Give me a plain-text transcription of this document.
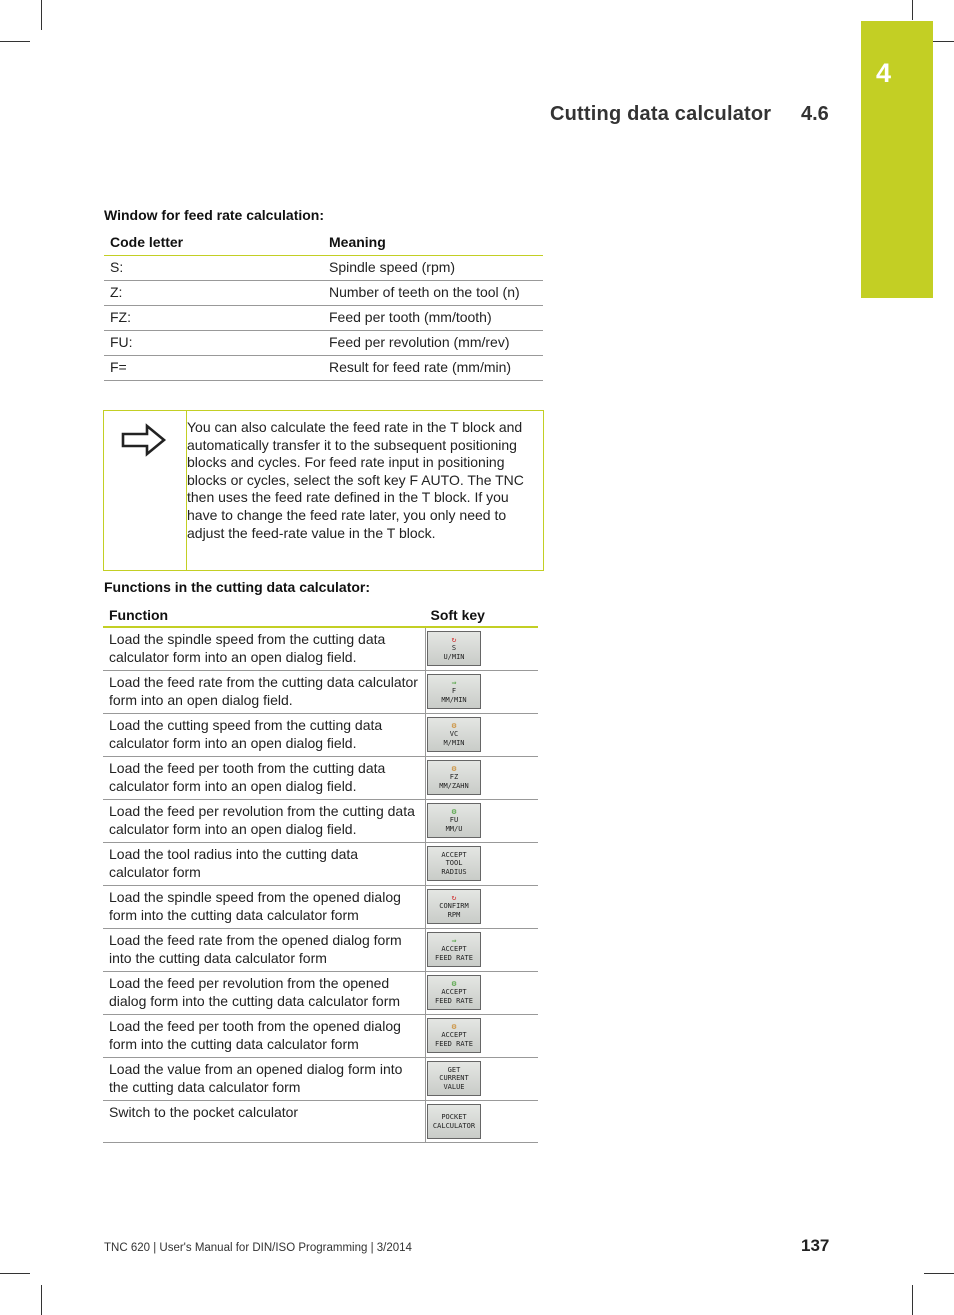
4
Cutting data calculator 4.6
Window for feed rate calculation:
Code letter	Meaning
S:	Spindle speed (rpm)
Z:	Number of teeth on the tool (n)
FZ:	Feed per tooth (mm/tooth)
FU:	Feed per revolution (mm/rev)
F=	Result for feed rate (mm/min)
You can also calculate the feed rate in the T block and automatically transfer it to the subsequent positioning blocks and cycles. For feed rate input in positioning blocks or cycles, select the soft key F AUTO. The TNC then uses the feed rate defined in the T block. If you have to change the feed rate later, you only need to adjust the feed-rate value in the T block.
Functions in the cutting data calculator:
Function	Soft key
Load the spindle speed from the cutting data calculator form into an open dialog field.	↻
S
U/MIN

Load the feed rate from the cutting data calculator form into an open dialog field.	⇒
F
MM/MIN

Load the cutting speed from the cutting data calculator form into an open dialog field.	⚙
VC
M/MIN

Load the feed per tooth from the cutting data calculator form into an open dialog field.	⚙
FZ
MM/ZAHN

Load the feed per revolution from the cutting data calculator form into an open dialog field.	⚙
FU
MM/U

Load the tool radius into the cutting data calculator form	ACCEPT
TOOL
RADIUS

Load the spindle speed from the opened dialog form into the cutting data calculator form	↻
CONFIRM
RPM

Load the feed rate from the opened dialog form into the cutting data calculator form	⇒
ACCEPT
FEED RATE

Load the feed per revolution from the opened dialog form into the cutting data calculator form	⚙
ACCEPT
FEED RATE

Load the feed per tooth from the opened dialog form into the cutting data calculator form	⚙
ACCEPT
FEED RATE

Load the value from an opened dialog form into the cutting data calculator form	GET
CURRENT
VALUE

Switch to the pocket calculator	POCKET
CALCULATOR
TNC 620 | User's Manual for DIN/ISO Programming | 3/2014	137
